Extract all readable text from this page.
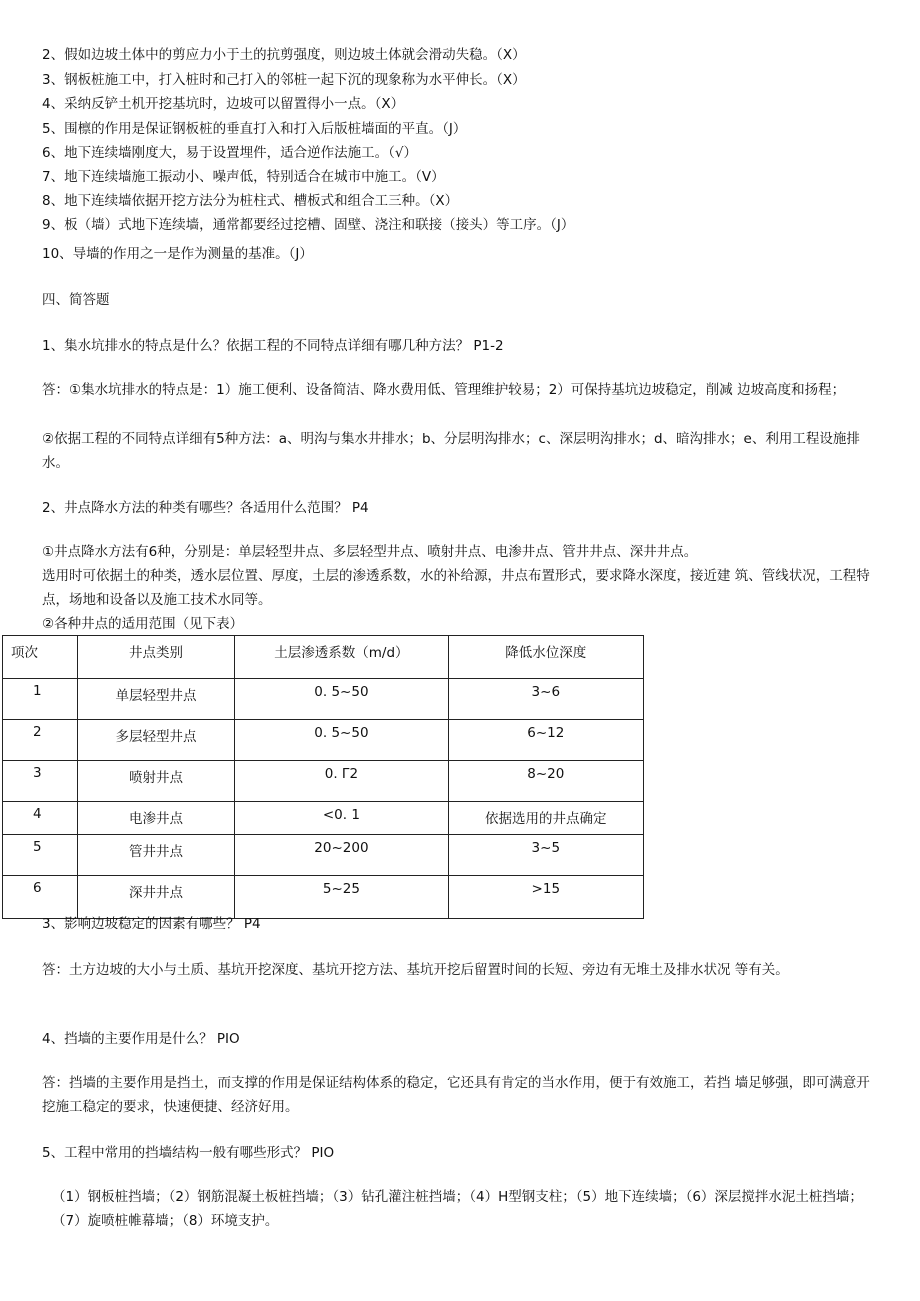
2、假如边坡土体中的剪应力小于土的抗剪强度，则边坡土体就会滑动失稳。（X）
3、钢板桩施工中，打入桩时和己打入的邻桩一起下沉的现象称为水平伸长。（X）
4、采纳反铲土机开挖基坑时，边坡可以留置得小一点。（X）
5、围檩的作用是保证钢板桩的垂直打入和打入后版桩墙面的平直。（J）
6、地下连续墙刚度大，易于设置埋件，适合逆作法施工。（√）
7、地下连续墙施工振动小、噪声低，特别适合在城市中施工。（V）
8、地下连续墙依据开挖方法分为桩柱式、槽板式和组合工三种。（X）
9、板（墙）式地下连续墙，通常都要经过挖槽、固壁、浇注和联接（接头）等工序。（J）
10、导墙的作用之一是作为测量的基准。（J）
四、简答题
1、集水坑排水的特点是什么？依据工程的不同特点详细有哪几种方法？ P1-2
答：①集水坑排水的特点是：1）施工便利、设备简洁、降水费用低、管理维护较易；2）可保持基坑边坡稳定，削减 边坡高度和扬程；
②依据工程的不同特点详细有5种方法：a、明沟与集水井排水；b、分层明沟排水；c、深层明沟排水；d、暗沟排水；e、利用工程设施排水。
2、井点降水方法的种类有哪些？各适用什么范围？ P4
①井点降水方法有6种，分别是：单层轻型井点、多层轻型井点、喷射井点、电渗井点、管井井点、深井井点。
选用时可依据土的种类，透水层位置、厚度，土层的渗透系数，水的补给源，井点布置形式，要求降水深度，接近建 筑、管线状况，工程特点，场地和设备以及施工技术水同等。
②各种井点的适用范围（见下表）
项次	井点类别	土层渗透系数（m/d）	降低水位深度
1	单层轻型井点	0. 5~50	3~6
2	多层轻型井点	0. 5~50	6~12
3	喷射井点	0. Γ2	8~20
4	电渗井点	<0. 1	依据选用的井点确定
5	管井井点	20~200	3~5
6	深井井点	5~25	>15
3、影响边坡稳定的因素有哪些？ P4
答：土方边坡的大小与土质、基坑开挖深度、基坑开挖方法、基坑开挖后留置时间的长短、旁边有无堆土及排水状况 等有关。
4、挡墙的主要作用是什么？ PIO
答：挡墙的主要作用是挡土，而支撑的作用是保证结构体系的稳定，它还具有肯定的当水作用，便于有效施工，若挡 墙足够强，即可满意开挖施工稳定的要求，快速便捷、经济好用。
5、工程中常用的挡墙结构一般有哪些形式？ PIO
（1）钢板桩挡墙；（2）钢筋混凝土板桩挡墙；（3）钻孔灌注桩挡墙；（4）H型钢支柱；（5）地下连续墙；（6）深层搅拌水泥土桩挡墙；（7）旋喷桩帷幕墙；（8）环境支护。
